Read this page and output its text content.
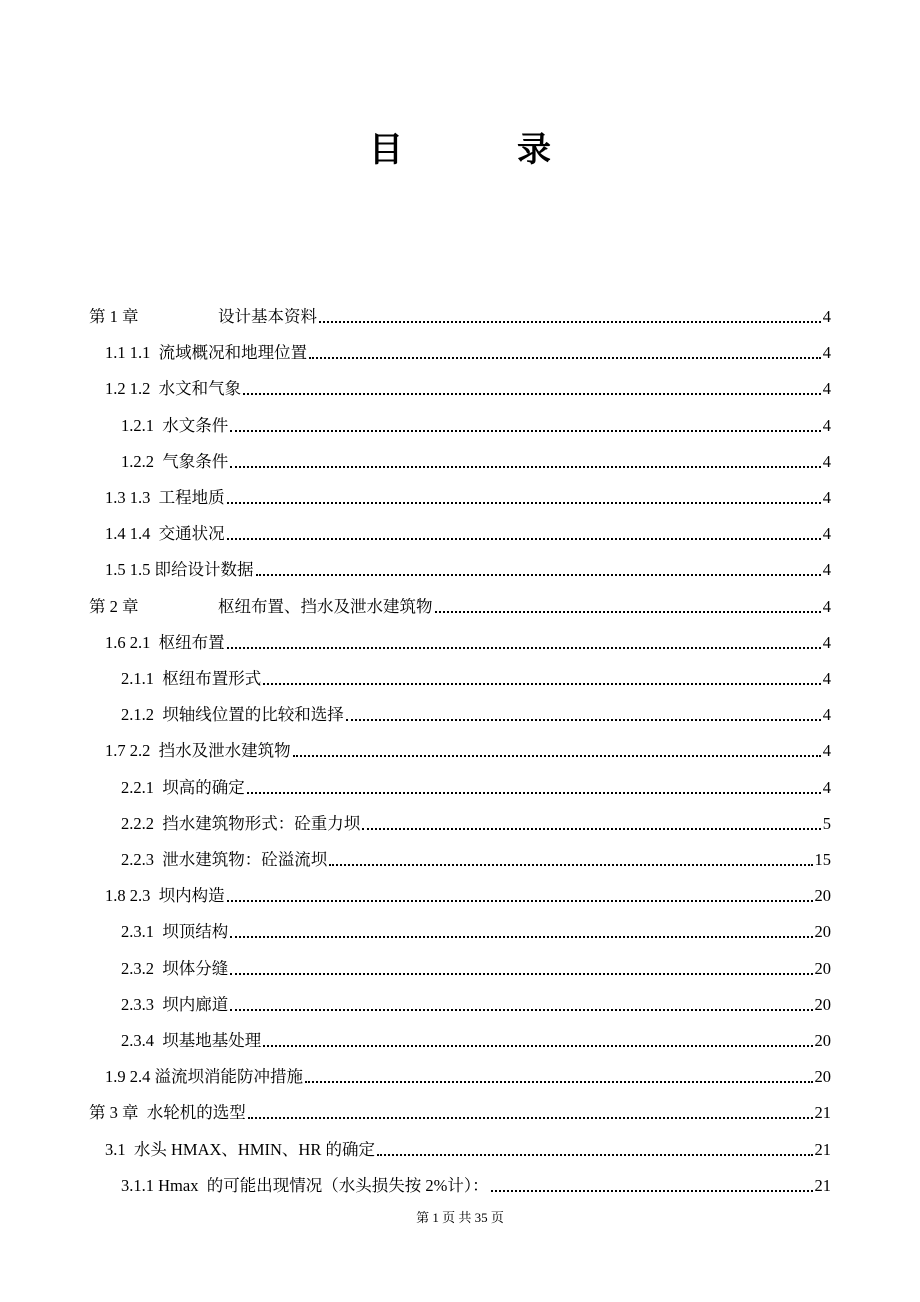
目　录
第 1 章	设计基本资料	4
1.1 1.1  流域概况和地理位置	4
1.2 1.2  水文和气象	4
1.2.1  水文条件	4
1.2.2  气象条件	4
1.3 1.3  工程地质	4
1.4 1.4  交通状况	4
1.5 1.5 即给设计数据	4
第 2 章	枢纽布置、挡水及泄水建筑物	4
1.6 2.1  枢纽布置	4
2.1.1  枢纽布置形式	4
2.1.2  坝轴线位置的比较和选择	4
1.7 2.2  挡水及泄水建筑物	4
2.2.1  坝高的确定	4
2.2.2  挡水建筑物形式：砼重力坝	5
2.2.3  泄水建筑物：砼溢流坝	15
1.8 2.3  坝内构造	20
2.3.1  坝顶结构	20
2.3.2  坝体分缝	20
2.3.3  坝内廊道	20
2.3.4  坝基地基处理	20
1.9 2.4 溢流坝消能防冲措施	20
第 3 章  水轮机的选型	21
3.1  水头 HMAX、HMIN、HR 的确定	21
3.1.1 Hmax  的可能出现情况（水头损失按 2%计）：	21
第 1 页 共 35 页
